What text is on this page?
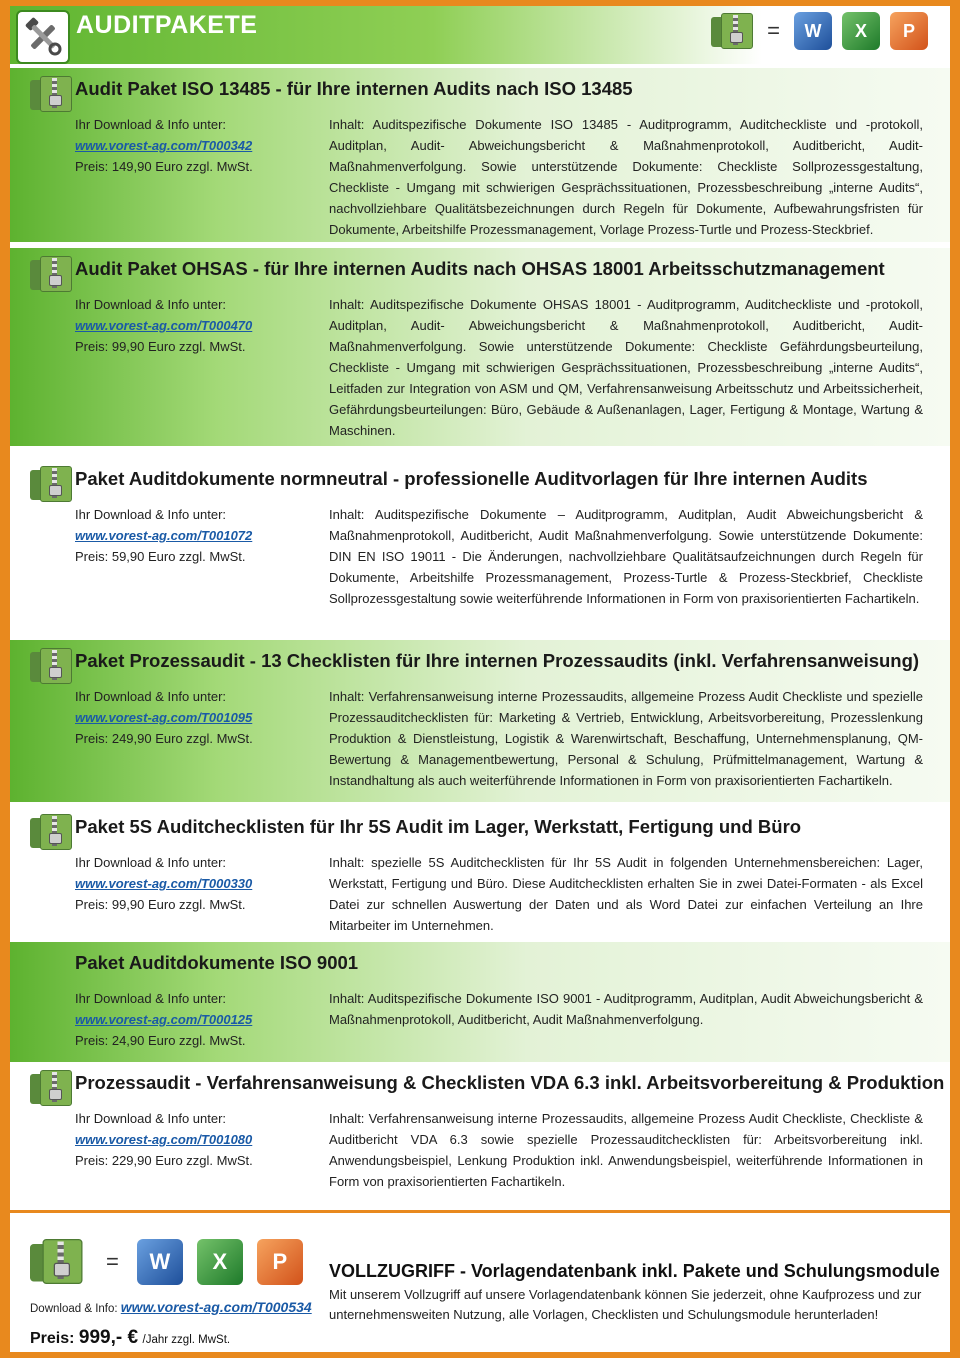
AUDITPAKETE	=	W	X	P
Audit Paket ISO 13485 - für Ihre internen Audits nach ISO 13485
Ihr Download & Info unter:
www.vorest-ag.com/T000342
Preis: 149,90 Euro zzgl. MwSt.
Inhalt: Auditspezifische Dokumente ISO 13485 - Auditprogramm, Auditcheckliste und -protokoll, Auditplan, Audit- Abweichungsbericht & Maßnahmenprotokoll, Auditbericht, Audit-Maßnahmenverfolgung. Sowie unterstützende Dokumente: Checkliste Sollprozessgestaltung, Checkliste - Umgang mit schwierigen Gesprächssituationen, Prozessbeschreibung „interne Audits“, nachvollziehbare Qualitätsbezeichnungen durch Regeln für Dokumente, Aufbewahrungsfristen für Dokumente, Arbeitshilfe Prozessmanagement, Vorlage Prozess-Turtle und Prozess-Steckbrief.
Audit Paket OHSAS - für Ihre internen Audits nach OHSAS 18001 Arbeitsschutzmanagement
Ihr Download & Info unter:
www.vorest-ag.com/T000470
Preis: 99,90 Euro zzgl. MwSt.
Inhalt: Auditspezifische Dokumente OHSAS 18001 - Auditprogramm, Auditcheckliste und -protokoll, Auditplan, Audit- Abweichungsbericht & Maßnahmenprotokoll, Auditbericht, Audit-Maßnahmenverfolgung. Sowie unterstützende Dokumente: Checkliste Gefährdungsbeurteilung, Checkliste - Umgang mit schwierigen Gesprächssituationen, Prozessbeschreibung „interne Audits“, Leitfaden zur Integration von ASM und QM, Verfahrensanweisung Arbeitsschutz und Arbeitssicherheit, Gefährdungsbeurteilungen: Büro, Gebäude & Außenanlagen, Lager, Fertigung & Montage, Wartung & Maschinen.
Paket Auditdokumente normneutral - professionelle Auditvorlagen für Ihre internen Audits
Ihr Download & Info unter:
www.vorest-ag.com/T001072
Preis: 59,90 Euro zzgl. MwSt.
Inhalt: Auditspezifische Dokumente – Auditprogramm, Auditplan, Audit Abweichungsbericht & Maßnahmenprotokoll, Auditbericht, Audit Maßnahmenverfolgung. Sowie unterstützende Dokumente: DIN EN ISO 19011 - Die Änderungen, nachvollziehbare Qualitätsaufzeichnungen durch Regeln für Dokumente, Arbeitshilfe Prozessmanagement, Prozess-Turtle & Prozess-Steckbrief, Checkliste Sollprozessgestaltung sowie weiterführende Informationen in Form von praxisorientierten Fachartikeln.
Paket Prozessaudit - 13 Checklisten für Ihre internen Prozessaudits (inkl. Verfahrensanweisung)
Ihr Download & Info unter:
www.vorest-ag.com/T001095
Preis: 249,90 Euro zzgl. MwSt.
Inhalt: Verfahrensanweisung interne Prozessaudits, allgemeine Prozess Audit Checkliste und spezielle Prozessauditchecklisten für: Marketing & Vertrieb, Entwicklung, Arbeitsvorbereitung, Prozesslenkung Produktion & Dienstleistung, Logistik & Warenwirtschaft, Beschaffung, Unternehmensplanung, QM-Bewertung & Managementbewertung, Personal & Schulung, Prüfmittelmanagement, Wartung & Instandhaltung als auch weiterführende Informationen in Form von praxisorientierten Fachartikeln.
Paket 5S Auditchecklisten für Ihr 5S Audit im Lager, Werkstatt, Fertigung und Büro
Ihr Download & Info unter:
www.vorest-ag.com/T000330
Preis: 99,90 Euro zzgl. MwSt.
Inhalt: spezielle 5S Auditchecklisten für Ihr 5S Audit in folgenden Unternehmensbereichen: Lager, Werkstatt, Fertigung und Büro. Diese Auditchecklisten erhalten Sie in zwei Datei-Formaten - als Excel Datei zur schnellen Auswertung der Daten und als Word Datei zur einfachen Verteilung an Ihre Mitarbeiter im Unternehmen.
Paket Auditdokumente ISO 9001
Ihr Download & Info unter:
www.vorest-ag.com/T000125
Preis: 24,90 Euro zzgl. MwSt.
Inhalt: Auditspezifische Dokumente ISO 9001 - Auditprogramm, Auditplan, Audit Abweichungsbericht & Maßnahmenprotokoll, Auditbericht, Audit Maßnahmenverfolgung.
Prozessaudit - Verfahrensanweisung & Checklisten VDA 6.3 inkl. Arbeitsvorbereitung & Produktion
Ihr Download & Info unter:
www.vorest-ag.com/T001080
Preis: 229,90 Euro zzgl. MwSt.
Inhalt: Verfahrensanweisung interne Prozessaudits, allgemeine Prozess Audit Checkliste, Checkliste & Auditbericht VDA 6.3 sowie spezielle Prozessauditchecklisten für: Arbeitsvorbereitung inkl. Anwendungsbeispiel, Lenkung Produktion inkl. Anwendungsbeispiel, weiterführende Informationen in Form von praxisorientierten Fachartikeln.
=	W	X	P
Download & Info: www.vorest-ag.com/T000534
Preis: 999,- € /Jahr zzgl. MwSt.
VOLLZUGRIFF - Vorlagendatenbank inkl. Pakete und Schulungsmodule
Mit unserem Vollzugriff auf unsere Vorlagendatenbank können Sie jederzeit, ohne Kaufprozess und zur unternehmensweiten Nutzung, alle Vorlagen, Checklisten und Schulungsmodule herunterladen!
